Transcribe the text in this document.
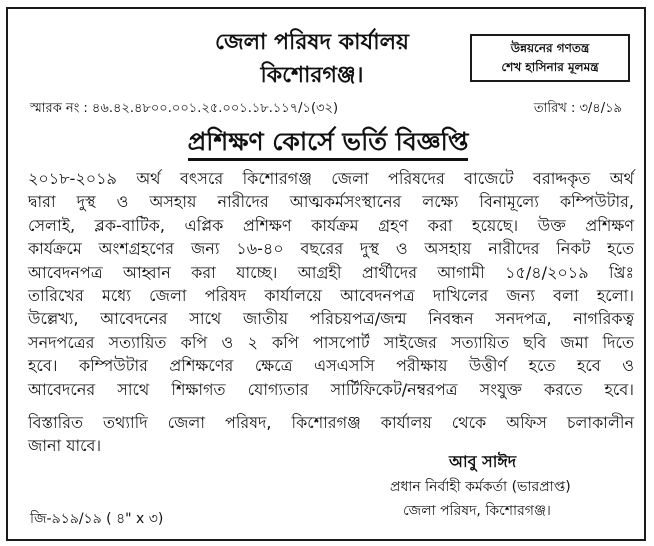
জেলা পরিষদ কার্যালয়
কিশোরগঞ্জ।
উন্নয়নের গণতন্ত্র
শেখ হাসিনার মূলমন্ত্র
স্মারক নং : ৪৬.৪২.৪৮০০.০০১.২৫.০০১.১৮.১১৭/১(৩২)	তারিখ : ৩/৪/১৯
প্রশিক্ষণ কোর্সে ভর্তি বিজ্ঞপ্তি
২০১৮-২০১৯ অর্থ বৎসরে কিশোরগঞ্জ জেলা পরিষদের বাজেটে বরাদ্দকৃত অর্থ
দ্বারা দুস্থ ও অসহায় নারীদের আত্মকর্মসংস্থানের লক্ষ্যে বিনামূল্যে কম্পিউটার,
সেলাই, ব্লক-বাটিক, এপ্লিক প্রশিক্ষণ কার্যক্রম গ্রহণ করা হয়েছে। উক্ত প্রশিক্ষণ
কার্যক্রমে অংশগ্রহণের জন্য ১৬-৪০ বছরের দুস্থ ও অসহায় নারীদের নিকট হতে
আবেদনপত্র আহ্বান করা যাচ্ছে। আগ্রহী প্রার্থীদের আগামী ১৫/৪/২০১৯ খ্রিঃ
তারিখের মধ্যে জেলা পরিষদ কার্যালয়ে আবেদনপত্র দাখিলের জন্য বলা হলো।
উল্লেখ্য, আবেদনের সাথে জাতীয় পরিচয়পত্র/জন্ম নিবন্ধন সনদপত্র, নাগরিকত্ব
সনদপত্রের সত্যায়িত কপি ও ২ কপি পাসপোর্ট সাইজের সত্যায়িত ছবি জমা দিতে
হবে। কম্পিউটার প্রশিক্ষণের ক্ষেত্রে এসএসসি পরীক্ষায় উত্তীর্ণ হতে হবে ও
আবেদনের সাথে শিক্ষাগত যোগ্যতার সার্টিফিকেট/নম্বরপত্র সংযুক্ত করতে হবে।
বিস্তারিত তথ্যাদি জেলা পরিষদ, কিশোরগঞ্জ কার্যালয় থেকে অফিস চলাকালীন
জানা যাবে।
আবু সাঈদ
প্রধান নির্বাহী কর্মকর্তা (ভারপ্রাপ্ত)
জেলা পরিষদ, কিশোরগঞ্জ।
জি-৯১৯/১৯ ( ৪" x ৩)
